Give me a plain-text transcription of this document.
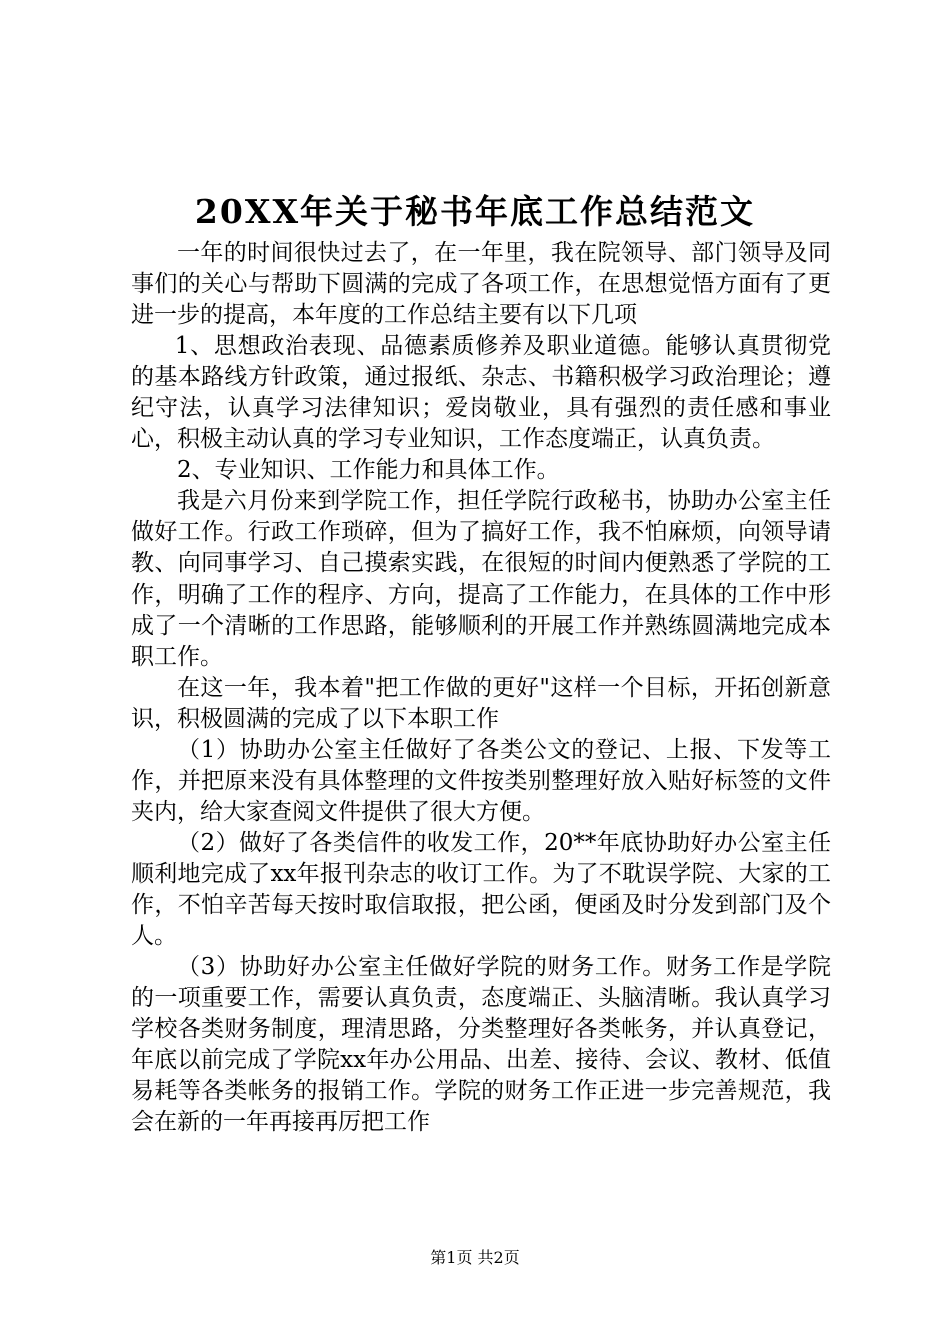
20XX年关于秘书年底工作总结范文

一年的时间很快过去了，在一年里，我在院领导、部门领导及同事们的关心与帮助下圆满的完成了各项工作，在思想觉悟方面有了更进一步的提高，本年度的工作总结主要有以下几项

1、思想政治表现、品德素质修养及职业道德。能够认真贯彻党的基本路线方针政策，通过报纸、杂志、书籍积极学习政治理论；遵纪守法，认真学习法律知识；爱岗敬业，具有强烈的责任感和事业心，积极主动认真的学习专业知识，工作态度端正，认真负责。

2、专业知识、工作能力和具体工作。

我是六月份来到学院工作，担任学院行政秘书，协助办公室主任做好工作。行政工作琐碎，但为了搞好工作，我不怕麻烦，向领导请教、向同事学习、自己摸索实践，在很短的时间内便熟悉了学院的工作，明确了工作的程序、方向，提高了工作能力，在具体的工作中形成了一个清晰的工作思路，能够顺利的开展工作并熟练圆满地完成本职工作。

在这一年，我本着"把工作做的更好"这样一个目标，开拓创新意识，积极圆满的完成了以下本职工作

（1）协助办公室主任做好了各类公文的登记、上报、下发等工作，并把原来没有具体整理的文件按类别整理好放入贴好标签的文件夹内，给大家查阅文件提供了很大方便。

（2）做好了各类信件的收发工作，20**年底协助好办公室主任顺利地完成了xx年报刊杂志的收订工作。为了不耽误学院、大家的工作，不怕辛苦每天按时取信取报，把公函，便函及时分发到部门及个人。

（3）协助好办公室主任做好学院的财务工作。财务工作是学院的一项重要工作，需要认真负责，态度端正、头脑清晰。我认真学习学校各类财务制度，理清思路，分类整理好各类帐务，并认真登记，年底以前完成了学院xx年办公用品、出差、接待、会议、教材、低值易耗等各类帐务的报销工作。学院的财务工作正进一步完善规范，我会在新的一年再接再厉把工作

第1页 共2页
